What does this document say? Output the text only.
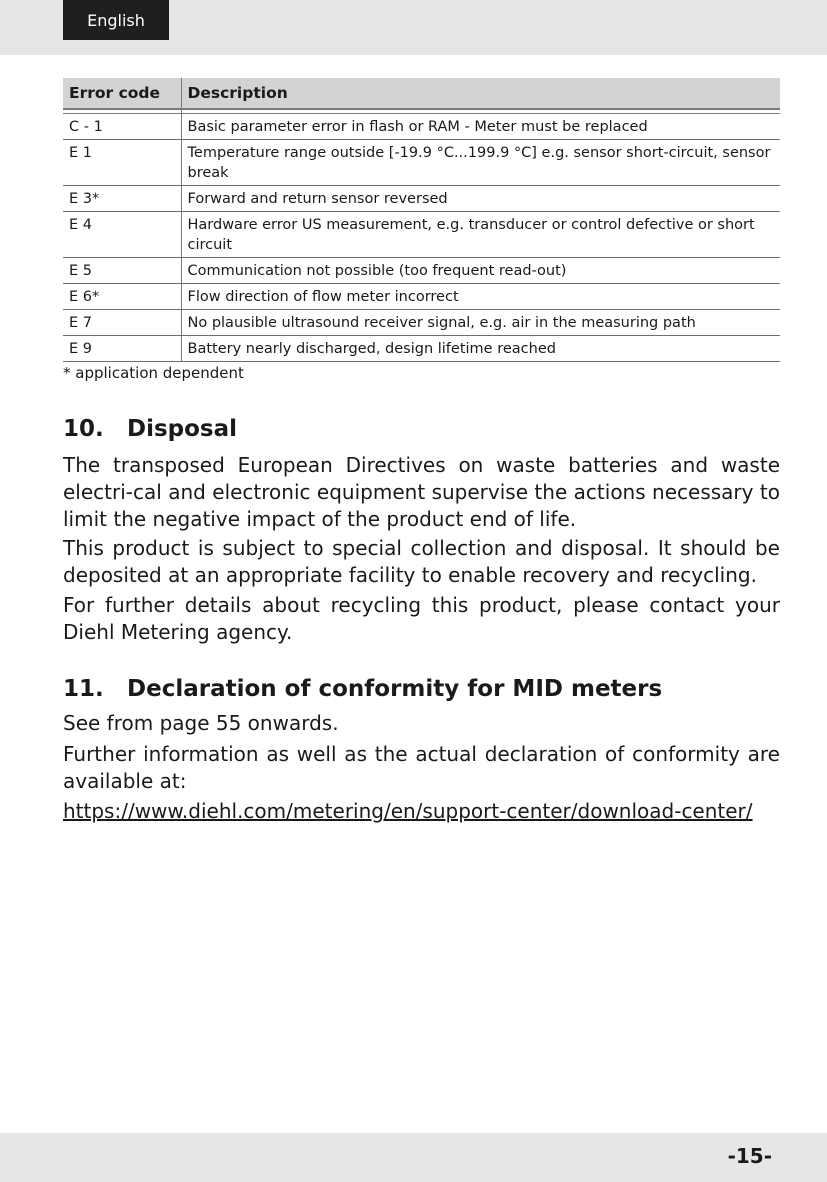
English
Error code	Description

C - 1	Basic parameter error in flash or RAM - Meter must be replaced
E 1	Temperature range outside [-19.9 °C...199.9 °C] e.g. sensor short-circuit, sensor break
E 3*	Forward and return sensor reversed
E 4	Hardware error US measurement, e.g. transducer or control defective or short circuit
E 5	Communication not possible (too frequent read-out)
E 6*	Flow direction of flow meter incorrect
E 7	No plausible ultrasound receiver signal, e.g. air in the measuring path
E 9	Battery nearly discharged, design lifetime reached
* application dependent
10.	Disposal

The transposed European Directives on waste batteries and waste electri-cal and electronic equipment supervise the actions necessary to limit the negative impact of the product end of life.

This product is subject to special collection and disposal. It should be deposited at an appropriate facility to enable recovery and recycling.

For further details about recycling this product, please contact your Diehl Metering agency.

11.	Declaration of conformity for MID meters

See from page 55 onwards.

Further information as well as the actual declaration of conformity are available at:

https://www.diehl.com/metering/en/support-center/download-center/
-15-
